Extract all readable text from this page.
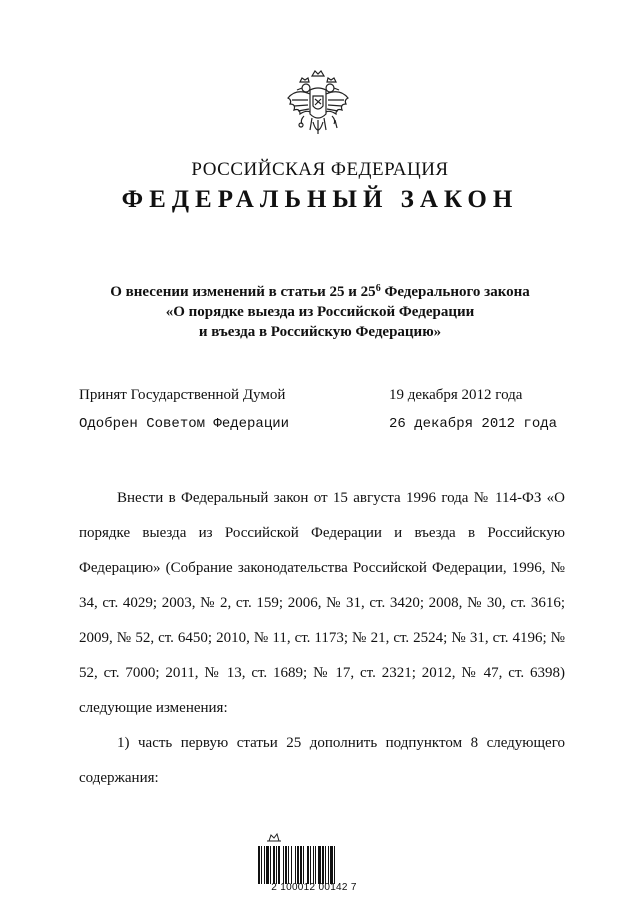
РОССИЙСКАЯ ФЕДЕРАЦИЯ
ФЕДЕРАЛЬНЫЙ ЗАКОН
О внесении изменений в статьи 25 и $25^6$ Федерального закона
«О порядке выезда из Российской Федерации
и въезда в Российскую Федерацию»
Принят Государственной Думой	19 декабря 2012 года
Одобрен Советом Федерации	26 декабря 2012 года

Внести в Федеральный закон от 15 августа 1996 года № 114-ФЗ «О порядке выезда из Российской Федерации и въезда в Российскую Федерацию» (Собрание законодательства Российской Федерации, 1996, № 34, ст. 4029; 2003, № 2, ст. 159; 2006, № 31, ст. 3420; 2008, № 30, ст. 3616; 2009, № 52, ст. 6450; 2010, № 11, ст. 1173; № 21, ст. 2524; № 31, ст. 4196; № 52, ст. 7000; 2011, № 13, ст. 1689; № 17, ст. 2321; 2012, № 47, ст. 6398) следующие изменения:

1) часть первую статьи 25 дополнить подпунктом 8 следующего содержания:

2 100012 00142 7
